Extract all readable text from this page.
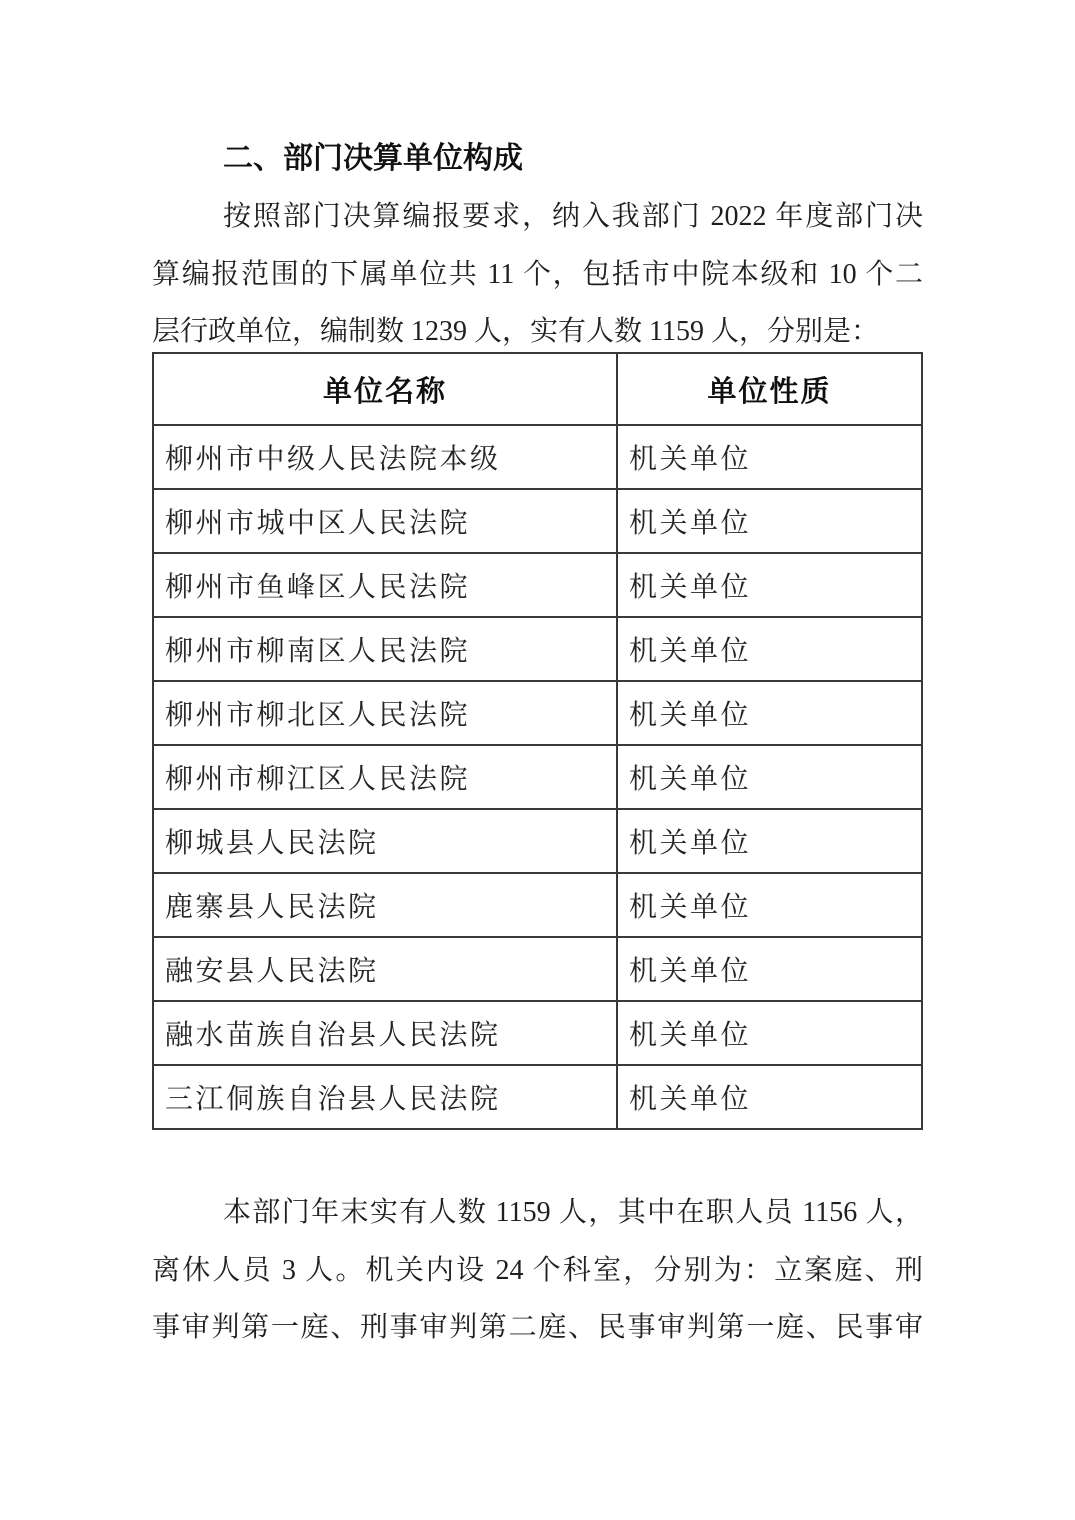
二、部门决算单位构成
按照部门决算编报要求，纳入我部门 2022 年度部门决
算编报范围的下属单位共 11 个，包括市中院本级和 10 个二
层行政单位，编制数 1239 人，实有人数 1159 人，分别是：
单位名称	单位性质
柳州市中级人民法院本级	机关单位
柳州市城中区人民法院	机关单位
柳州市鱼峰区人民法院	机关单位
柳州市柳南区人民法院	机关单位
柳州市柳北区人民法院	机关单位
柳州市柳江区人民法院	机关单位
柳城县人民法院	机关单位
鹿寨县人民法院	机关单位
融安县人民法院	机关单位
融水苗族自治县人民法院	机关单位
三江侗族自治县人民法院	机关单位
本部门年末实有人数 1159 人，其中在职人员 1156 人，
离休人员 3 人。机关内设 24 个科室，分别为：立案庭、刑
事审判第一庭、刑事审判第二庭、民事审判第一庭、民事审
